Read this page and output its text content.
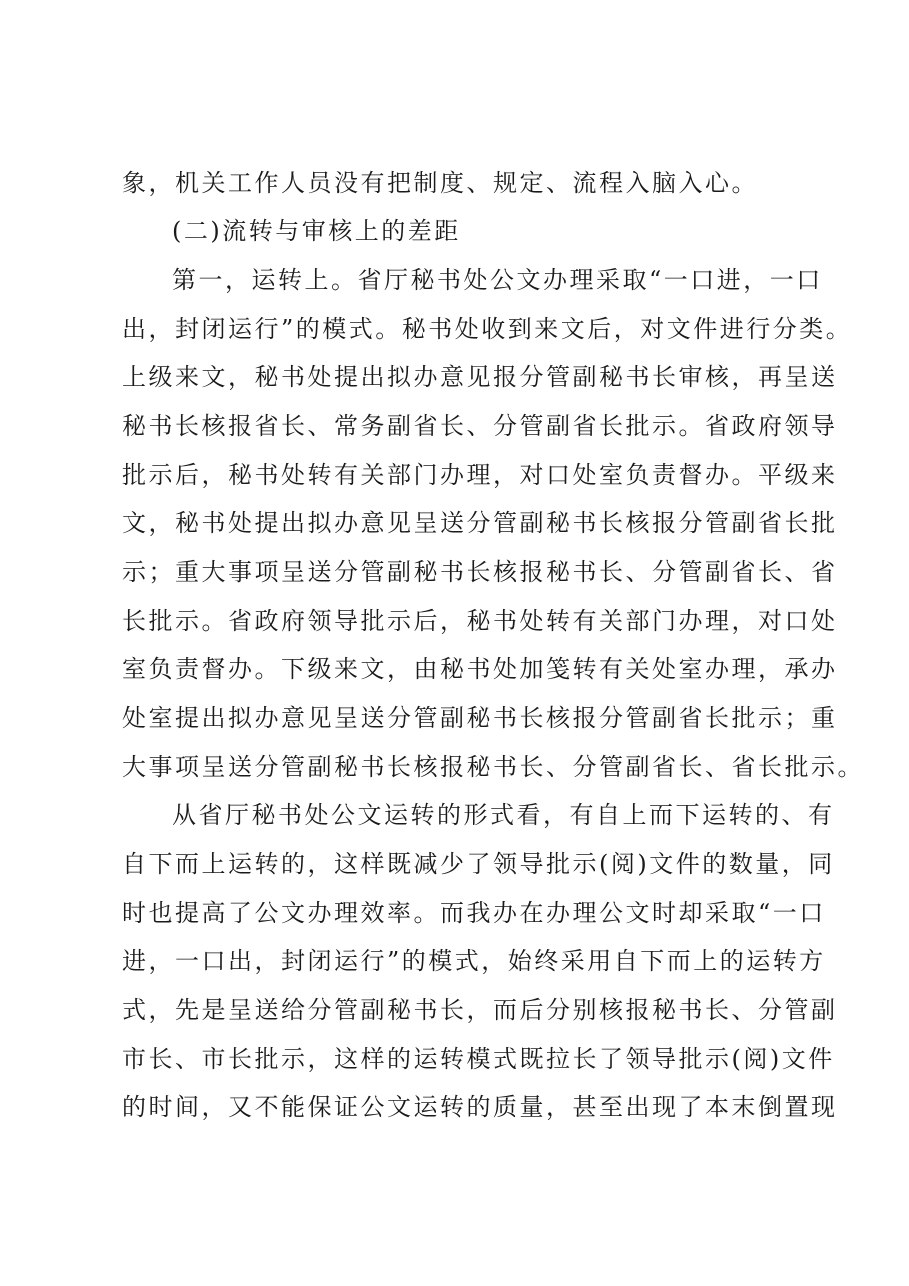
象，机关工作人员没有把制度、规定、流程入脑入心。
(二)流转与审核上的差距
第一，运转上。省厅秘书处公文办理采取“一口进，一口
出，封闭运行”的模式。秘书处收到来文后，对文件进行分类。
上级来文，秘书处提出拟办意见报分管副秘书长审核，再呈送
秘书长核报省长、常务副省长、分管副省长批示。省政府领导
批示后，秘书处转有关部门办理，对口处室负责督办。平级来
文，秘书处提出拟办意见呈送分管副秘书长核报分管副省长批
示；重大事项呈送分管副秘书长核报秘书长、分管副省长、省
长批示。省政府领导批示后，秘书处转有关部门办理，对口处
室负责督办。下级来文，由秘书处加笺转有关处室办理，承办
处室提出拟办意见呈送分管副秘书长核报分管副省长批示；重
大事项呈送分管副秘书长核报秘书长、分管副省长、省长批示。
从省厅秘书处公文运转的形式看，有自上而下运转的、有
自下而上运转的，这样既减少了领导批示(阅)文件的数量，同
时也提高了公文办理效率。而我办在办理公文时却采取“一口
进，一口出，封闭运行”的模式，始终采用自下而上的运转方
式，先是呈送给分管副秘书长，而后分别核报秘书长、分管副
市长、市长批示，这样的运转模式既拉长了领导批示(阅)文件
的时间，又不能保证公文运转的质量，甚至出现了本末倒置现
